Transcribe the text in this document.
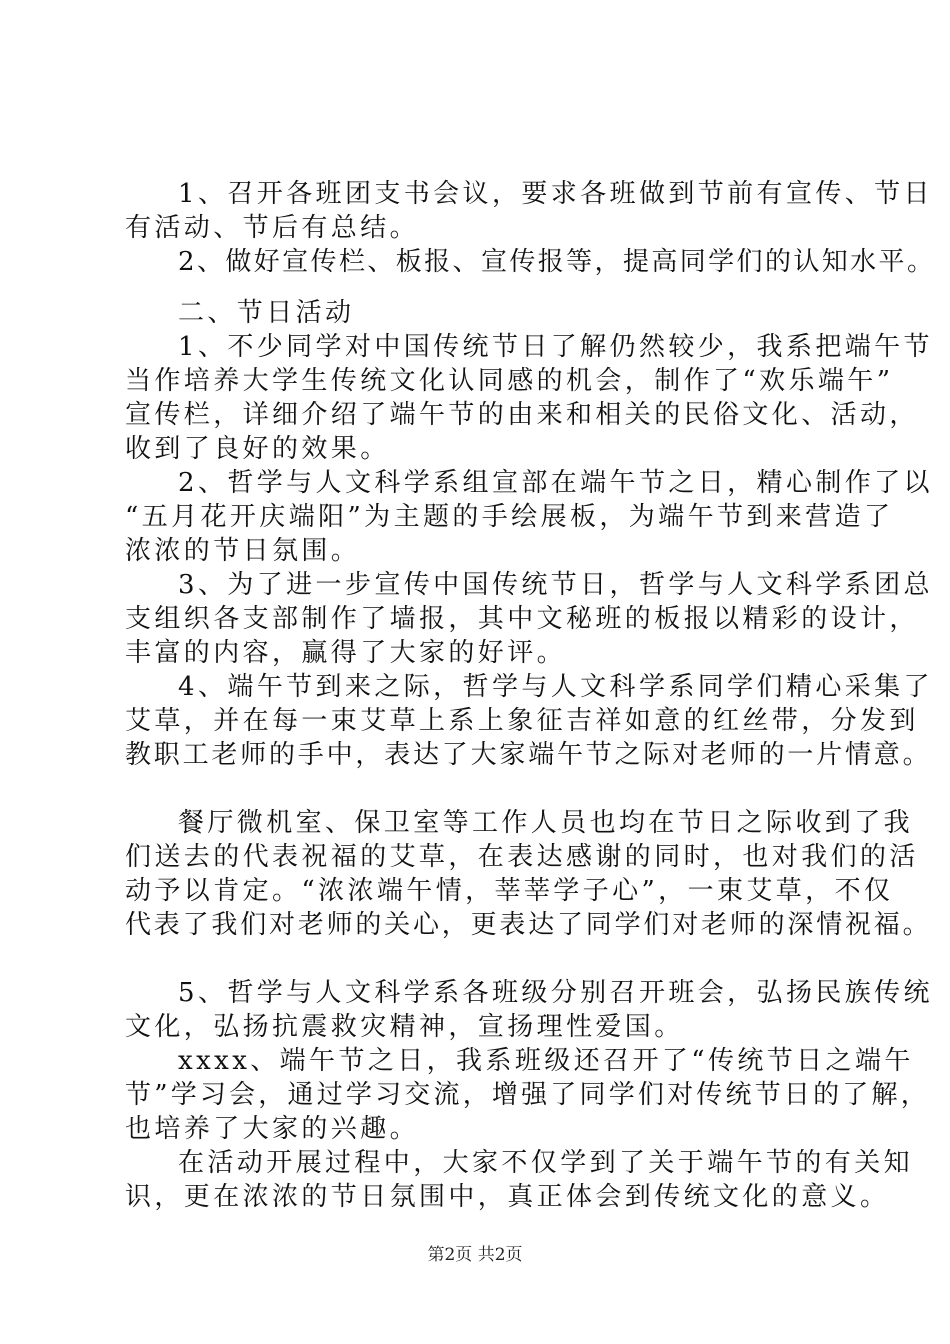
1、召开各班团支书会议，要求各班做到节前有宣传、节日
有活动、节后有总结。
2、做好宣传栏、板报、宣传报等，提高同学们的认知水平。
二、节日活动
1、不少同学对中国传统节日了解仍然较少，我系把端午节
当作培养大学生传统文化认同感的机会，制作了“欢乐端午”
宣传栏，详细介绍了端午节的由来和相关的民俗文化、活动，
收到了良好的效果。
2、哲学与人文科学系组宣部在端午节之日，精心制作了以
“五月花开庆端阳”为主题的手绘展板，为端午节到来营造了
浓浓的节日氛围。
3、为了进一步宣传中国传统节日，哲学与人文科学系团总
支组织各支部制作了墙报，其中文秘班的板报以精彩的设计，
丰富的内容，赢得了大家的好评。
4、端午节到来之际，哲学与人文科学系同学们精心采集了
艾草，并在每一束艾草上系上象征吉祥如意的红丝带，分发到
教职工老师的手中，表达了大家端午节之际对老师的一片情意。
餐厅微机室、保卫室等工作人员也均在节日之际收到了我
们送去的代表祝福的艾草，在表达感谢的同时，也对我们的活
动予以肯定。“浓浓端午情，莘莘学子心”，一束艾草，不仅
代表了我们对老师的关心，更表达了同学们对老师的深情祝福。
5、哲学与人文科学系各班级分别召开班会，弘扬民族传统
文化，弘扬抗震救灾精神，宣扬理性爱国。
xxxx、端午节之日，我系班级还召开了“传统节日之端午
节”学习会，通过学习交流，增强了同学们对传统节日的了解，
也培养了大家的兴趣。
在活动开展过程中，大家不仅学到了关于端午节的有关知
识，更在浓浓的节日氛围中，真正体会到传统文化的意义。
第2页 共2页
